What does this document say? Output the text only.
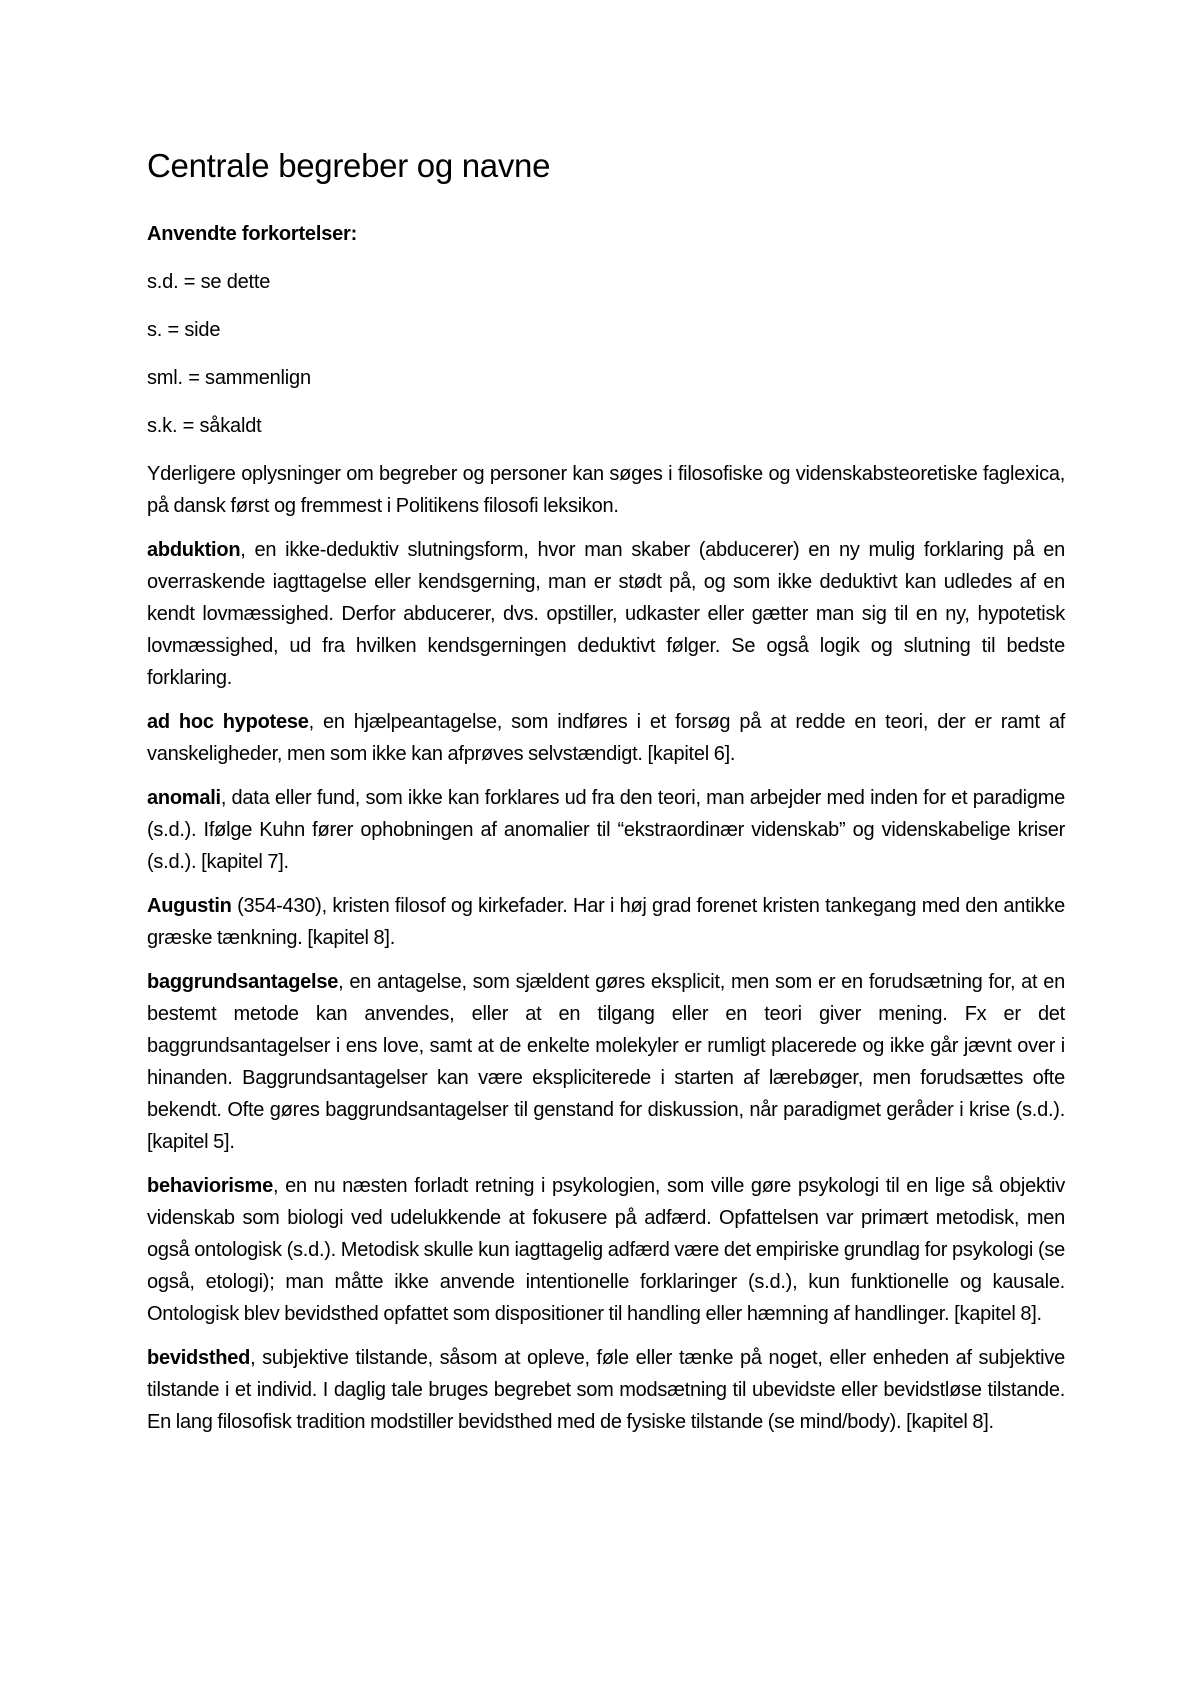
Centrale begreber og navne
Anvendte forkortelser:
s.d. = se dette
s. = side
sml. = sammenlign
s.k. = såkaldt

Yderligere oplysninger om begreber og personer kan søges i filosofiske og videnskabsteoretiske faglexica, på dansk først og fremmest i Politikens filosofi leksikon.

abduktion, en ikke-deduktiv slutningsform, hvor man skaber (abducerer) en ny mulig forklaring på en overraskende iagttagelse eller kendsgerning, man er stødt på, og som ikke deduktivt kan udledes af en kendt lovmæssighed. Derfor abducerer, dvs. opstiller, udkaster eller gætter man sig til en ny, hypotetisk lovmæssighed, ud fra hvilken kendsgerningen deduktivt følger. Se også logik og slutning til bedste forklaring.

ad hoc hypotese, en hjælpeantagelse, som indføres i et forsøg på at redde en teori, der er ramt af vanskeligheder, men som ikke kan afprøves selvstændigt. [kapitel 6].

anomali, data eller fund, som ikke kan forklares ud fra den teori, man arbejder med inden for et paradigme (s.d.). Ifølge Kuhn fører ophobningen af anomalier til “ekstraordinær videnskab” og videnskabelige kriser (s.d.). [kapitel 7].

Augustin (354-430), kristen filosof og kirkefader. Har i høj grad forenet kristen tankegang med den antikke græske tænkning. [kapitel 8].

baggrundsantagelse, en antagelse, som sjældent gøres eksplicit, men som er en forudsætning for, at en bestemt metode kan anvendes, eller at en tilgang eller en teori giver mening. Fx er det baggrundsantagelser i ens love, samt at de enkelte molekyler er rumligt placerede og ikke går jævnt over i hinanden. Baggrundsantagelser kan være ekspliciterede i starten af lærebøger, men forudsættes ofte bekendt. Ofte gøres baggrundsantagelser til genstand for diskussion, når paradigmet geråder i krise (s.d.). [kapitel 5].

behaviorisme, en nu næsten forladt retning i psykologien, som ville gøre psykologi til en lige så objektiv videnskab som biologi ved udelukkende at fokusere på adfærd. Opfattelsen var primært metodisk, men også ontologisk (s.d.). Metodisk skulle kun iagttagelig adfærd være det empiriske grundlag for psykologi (se også, etologi); man måtte ikke anvende intentionelle forklaringer (s.d.), kun funktionelle og kausale. Ontologisk blev bevidsthed opfattet som dispositioner til handling eller hæmning af handlinger. [kapitel 8].

bevidsthed, subjektive tilstande, såsom at opleve, føle eller tænke på noget, eller enheden af subjektive tilstande i et individ. I daglig tale bruges begrebet som modsætning til ubevidste eller bevidstløse tilstande. En lang filosofisk tradition modstiller bevidsthed med de fysiske tilstande (se mind/body). [kapitel 8].
